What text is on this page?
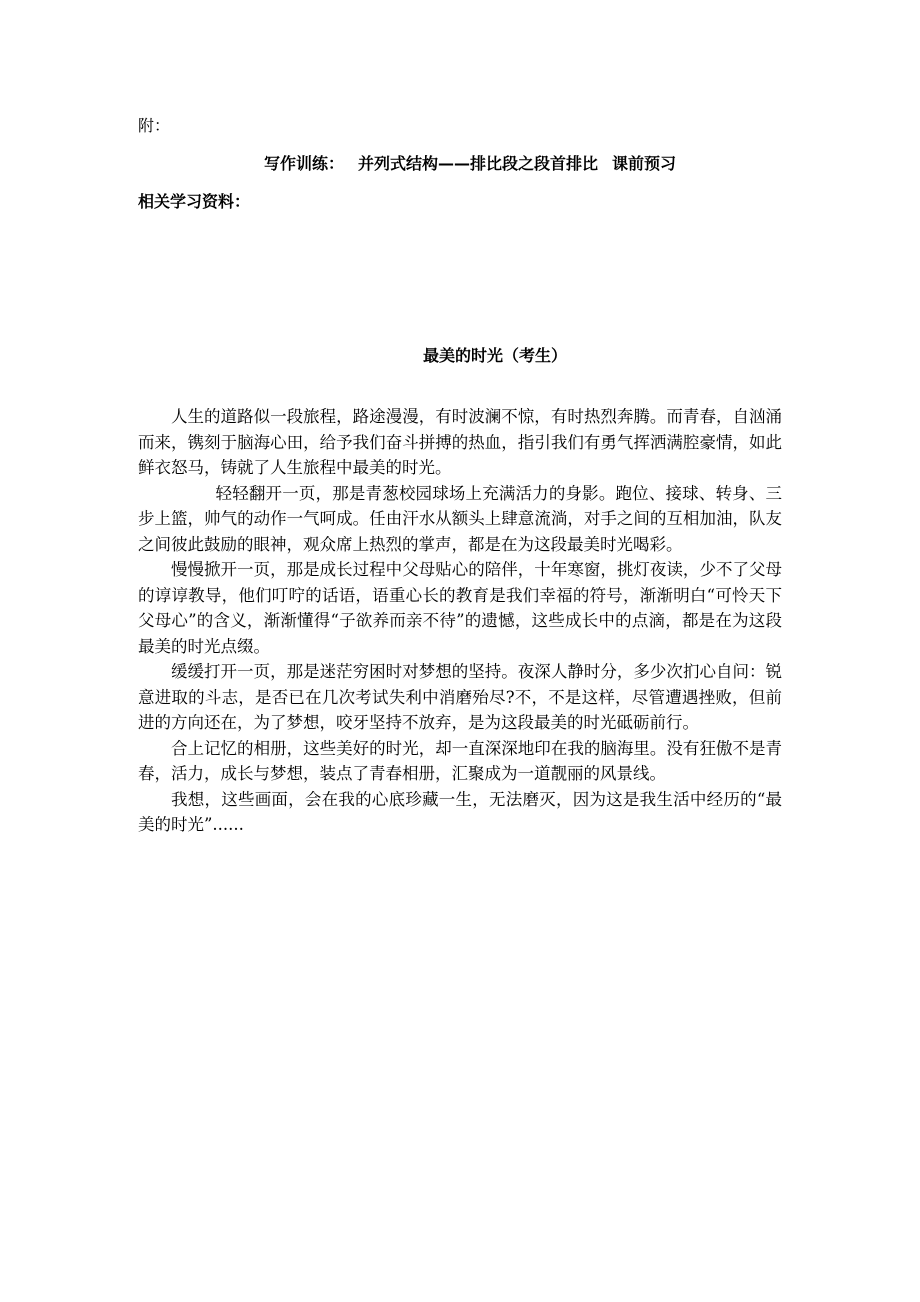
附：

写作训练： 并列式结构——排比段之段首排比 课前预习

相关学习资料：

最美的时光（考生）

人生的道路似一段旅程，路途漫漫，有时波澜不惊，有时热烈奔腾。而青春，自汹涌而来，镌刻于脑海心田，给予我们奋斗拼搏的热血，指引我们有勇气挥洒满腔豪情，如此鲜衣怒马，铸就了人生旅程中最美的时光。

轻轻翻开一页，那是青葱校园球场上充满活力的身影。跑位、接球、转身、三步上篮，帅气的动作一气呵成。任由汗水从额头上肆意流淌，对手之间的互相加油，队友之间彼此鼓励的眼神，观众席上热烈的掌声，都是在为这段最美时光喝彩。

慢慢掀开一页，那是成长过程中父母贴心的陪伴，十年寒窗，挑灯夜读，少不了父母的谆谆教导，他们叮咛的话语，语重心长的教育是我们幸福的符号，渐渐明白“可怜天下父母心”的含义，渐渐懂得“子欲养而亲不待”的遗憾，这些成长中的点滴，都是在为这段最美的时光点缀。

缓缓打开一页，那是迷茫穷困时对梦想的坚持。夜深人静时分，多少次扪心自问：锐意进取的斗志，是否已在几次考试失利中消磨殆尽?不，不是这样，尽管遭遇挫败，但前进的方向还在，为了梦想，咬牙坚持不放弃，是为这段最美的时光砥砺前行。

合上记忆的相册，这些美好的时光，却一直深深地印在我的脑海里。没有狂傲不是青春，活力，成长与梦想，装点了青春相册，汇聚成为一道靓丽的风景线。

我想，这些画面，会在我的心底珍藏一生，无法磨灭，因为这是我生活中经历的“最美的时光”......
